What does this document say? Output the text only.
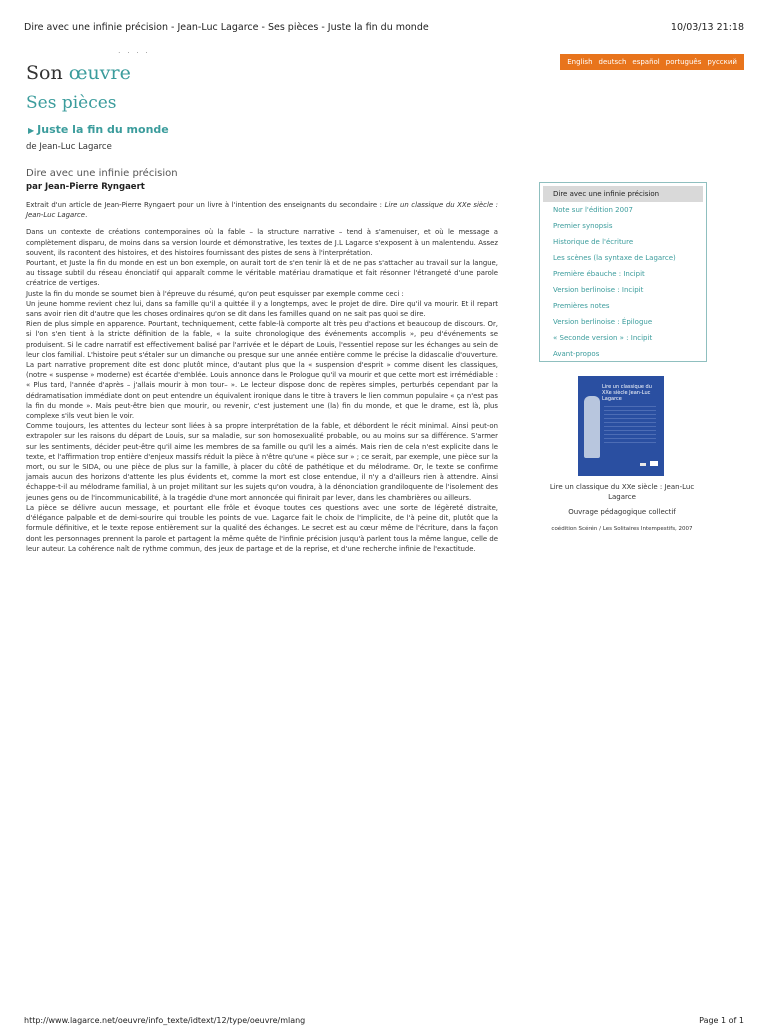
Dire avec une infinie précision - Jean-Luc Lagarce - Ses pièces - Juste la fin du monde	10/03/13 21:18
. . . .
English deutsch español português русский
Son œuvre
Ses pièces
▶ Juste la fin du monde
de Jean-Luc Lagarce
Dire avec une infinie précision
par Jean-Pierre Ryngaert

Extrait d'un article de Jean-Pierre Ryngaert pour un livre à l'intention des enseignants du secondaire : Lire un classique du XXe siècle : Jean-Luc Lagarce.

Dans un contexte de créations contemporaines où la fable – la structure narrative – tend à s'amenuiser, et où le message a complètement disparu, de moins dans sa version lourde et démonstrative, les textes de J.L Lagarce s'exposent à un malentendu. Assez souvent, ils racontent des histoires, et des histoires fournissant des pistes de sens à l'interprétation.

Pourtant, et Juste la fin du monde en est un bon exemple, on aurait tort de s'en tenir là et de ne pas s'attacher au travail sur la langue, au tissage subtil du réseau énonciatif qui apparaît comme le véritable matériau dramatique et fait résonner l'étrangeté d'une parole créatrice de vertiges.

Juste la fin du monde se soumet bien à l'épreuve du résumé, qu'on peut esquisser par exemple comme ceci :

Un jeune homme revient chez lui, dans sa famille qu'il a quittée il y a longtemps, avec le projet de dire. Dire qu'il va mourir. Et il repart sans avoir rien dit d'autre que les choses ordinaires qu'on se dit dans les familles quand on ne sait pas quoi se dire.

Rien de plus simple en apparence. Pourtant, techniquement, cette fable-là comporte alt très peu d'actions et beaucoup de discours. Or, si l'on s'en tient à la stricte définition de la fable, « la suite chronologique des événements accomplis », peu d'événements se produisent. Si le cadre narratif est effectivement balisé par l'arrivée et le départ de Louis, l'essentiel repose sur les échanges au sein de leur clos familial. L'histoire peut s'étaler sur un dimanche ou presque sur une année entière comme le précise la didascalie d'ouverture. La part narrative proprement dite est donc plutôt mince, d'autant plus que la « suspension d'esprit » comme disent les classiques, (notre « suspense » moderne) est écartée d'emblée. Louis annonce dans le Prologue qu'il va mourir et que cette mort est irrémédiable : « Plus tard, l'année d'après – j'allais mourir à mon tour– ». Le lecteur dispose donc de repères simples, perturbés cependant par la dédramatisation immédiate dont on peut entendre un équivalent ironique dans le titre à travers le lien commun populaire « ça n'est pas la fin du monde ». Mais peut-être bien que mourir, ou revenir, c'est justement une (la) fin du monde, et que le drame, est là, plus complexe s'ils veut bien le voir.

Comme toujours, les attentes du lecteur sont liées à sa propre interprétation de la fable, et débordent le récit minimal. Ainsi peut-on extrapoler sur les raisons du départ de Louis, sur sa maladie, sur son homosexualité probable, ou au moins sur sa différence. S'armer sur les sentiments, décider peut-être qu'il aime les membres de sa famille ou qu'il les a aimés. Mais rien de cela n'est explicite dans le texte, et l'affirmation trop entière d'enjeux massifs réduit la pièce à n'être qu'une « pièce sur » ; ce serait, par exemple, une pièce sur la mort, ou sur le SIDA, ou une pièce de plus sur la famille, à placer du côté de pathétique et du mélodrame. Or, le texte se confirme jamais aucun des horizons d'attente les plus évidents et, comme la mort est close entendue, il n'y a d'ailleurs rien à attendre. Ainsi échappe-t-il au mélodrame familial, à un projet militant sur les sujets qu'on voudra, à la dénonciation grandiloquente de l'isolement des jeunes gens ou de l'incommunicabilité, à la tragédie d'une mort annoncée qui finirait par lever, dans les chambrières ou ailleurs.

La pièce se délivre aucun message, et pourtant elle frôle et évoque toutes ces questions avec une sorte de légèreté distraite, d'élégance palpable et de demi-sourire qui trouble les points de vue. Lagarce fait le choix de l'implicite, de l'à peine dit, plutôt que la formule définitive, et le texte repose entièrement sur la qualité des échanges. Le secret est au cœur même de l'écriture, dans la façon dont les personnages prennent la parole et partagent la même quête de l'infinie précision jusqu'à parlent tous la même langue, celle de leur auteur. La cohérence naît de rythme commun, des jeux de partage et de la reprise, et d'une recherche infinie de l'exactitude.

Dire avec une infinie précision
Note sur l'édition 2007
Premier synopsis
Historique de l'écriture
Les scènes (la syntaxe de Lagarce)
Première ébauche : Incipit
Version berlinoise : Incipit
Premières notes
Version berlinoise : Épilogue
« Seconde version » : Incipit
Avant-propos
Lire un classique du XXe siècle Jean-Luc Lagarce
Lire un classique du XXe siècle : Jean-Luc Lagarce
Ouvrage pédagogique collectif
coédition Scérén / Les Solitaires Intempestifs, 2007
http://www.lagarce.net/oeuvre/info_texte/idtext/12/type/oeuvre/mlang	Page 1 of 1
